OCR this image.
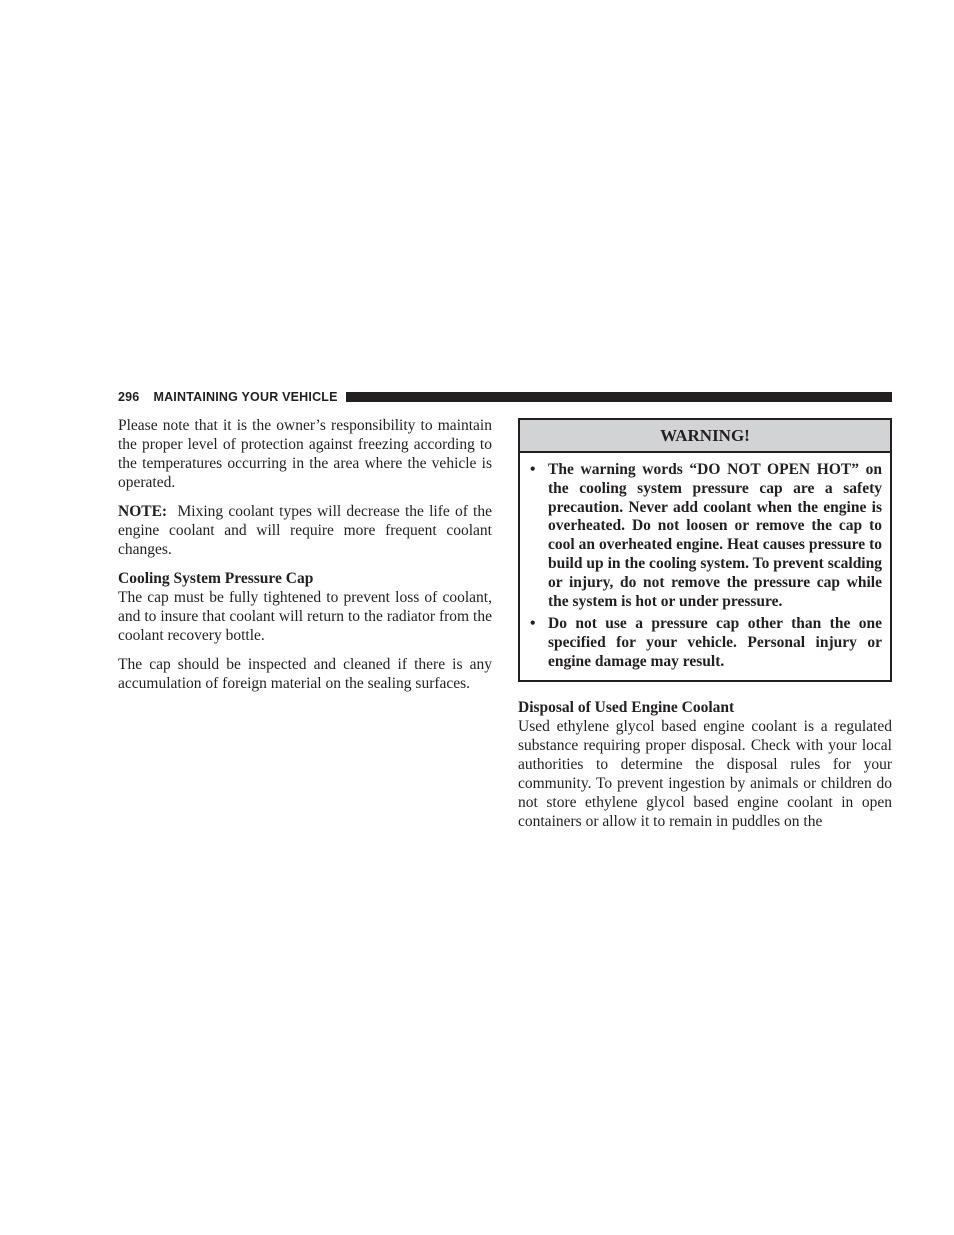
296 MAINTAINING YOUR VEHICLE

Please note that it is the owner’s responsibility to maintain the proper level of protection against freezing according to the temperatures occurring in the area where the vehicle is operated.

NOTE: Mixing coolant types will decrease the life of the engine coolant and will require more frequent coolant changes.

Cooling System Pressure Cap

The cap must be fully tightened to prevent loss of coolant, and to insure that coolant will return to the radiator from the coolant recovery bottle.

The cap should be inspected and cleaned if there is any accumulation of foreign material on the sealing surfaces.

WARNING!
• The warning words “DO NOT OPEN HOT” on the cooling system pressure cap are a safety precaution. Never add coolant when the engine is overheated. Do not loosen or remove the cap to cool an overheated engine. Heat causes pressure to build up in the cooling system. To prevent scalding or injury, do not remove the pressure cap while the system is hot or under pressure.
• Do not use a pressure cap other than the one specified for your vehicle. Personal injury or engine damage may result.

Disposal of Used Engine Coolant

Used ethylene glycol based engine coolant is a regulated substance requiring proper disposal. Check with your local authorities to determine the disposal rules for your community. To prevent ingestion by animals or children do not store ethylene glycol based engine coolant in open containers or allow it to remain in puddles on the
